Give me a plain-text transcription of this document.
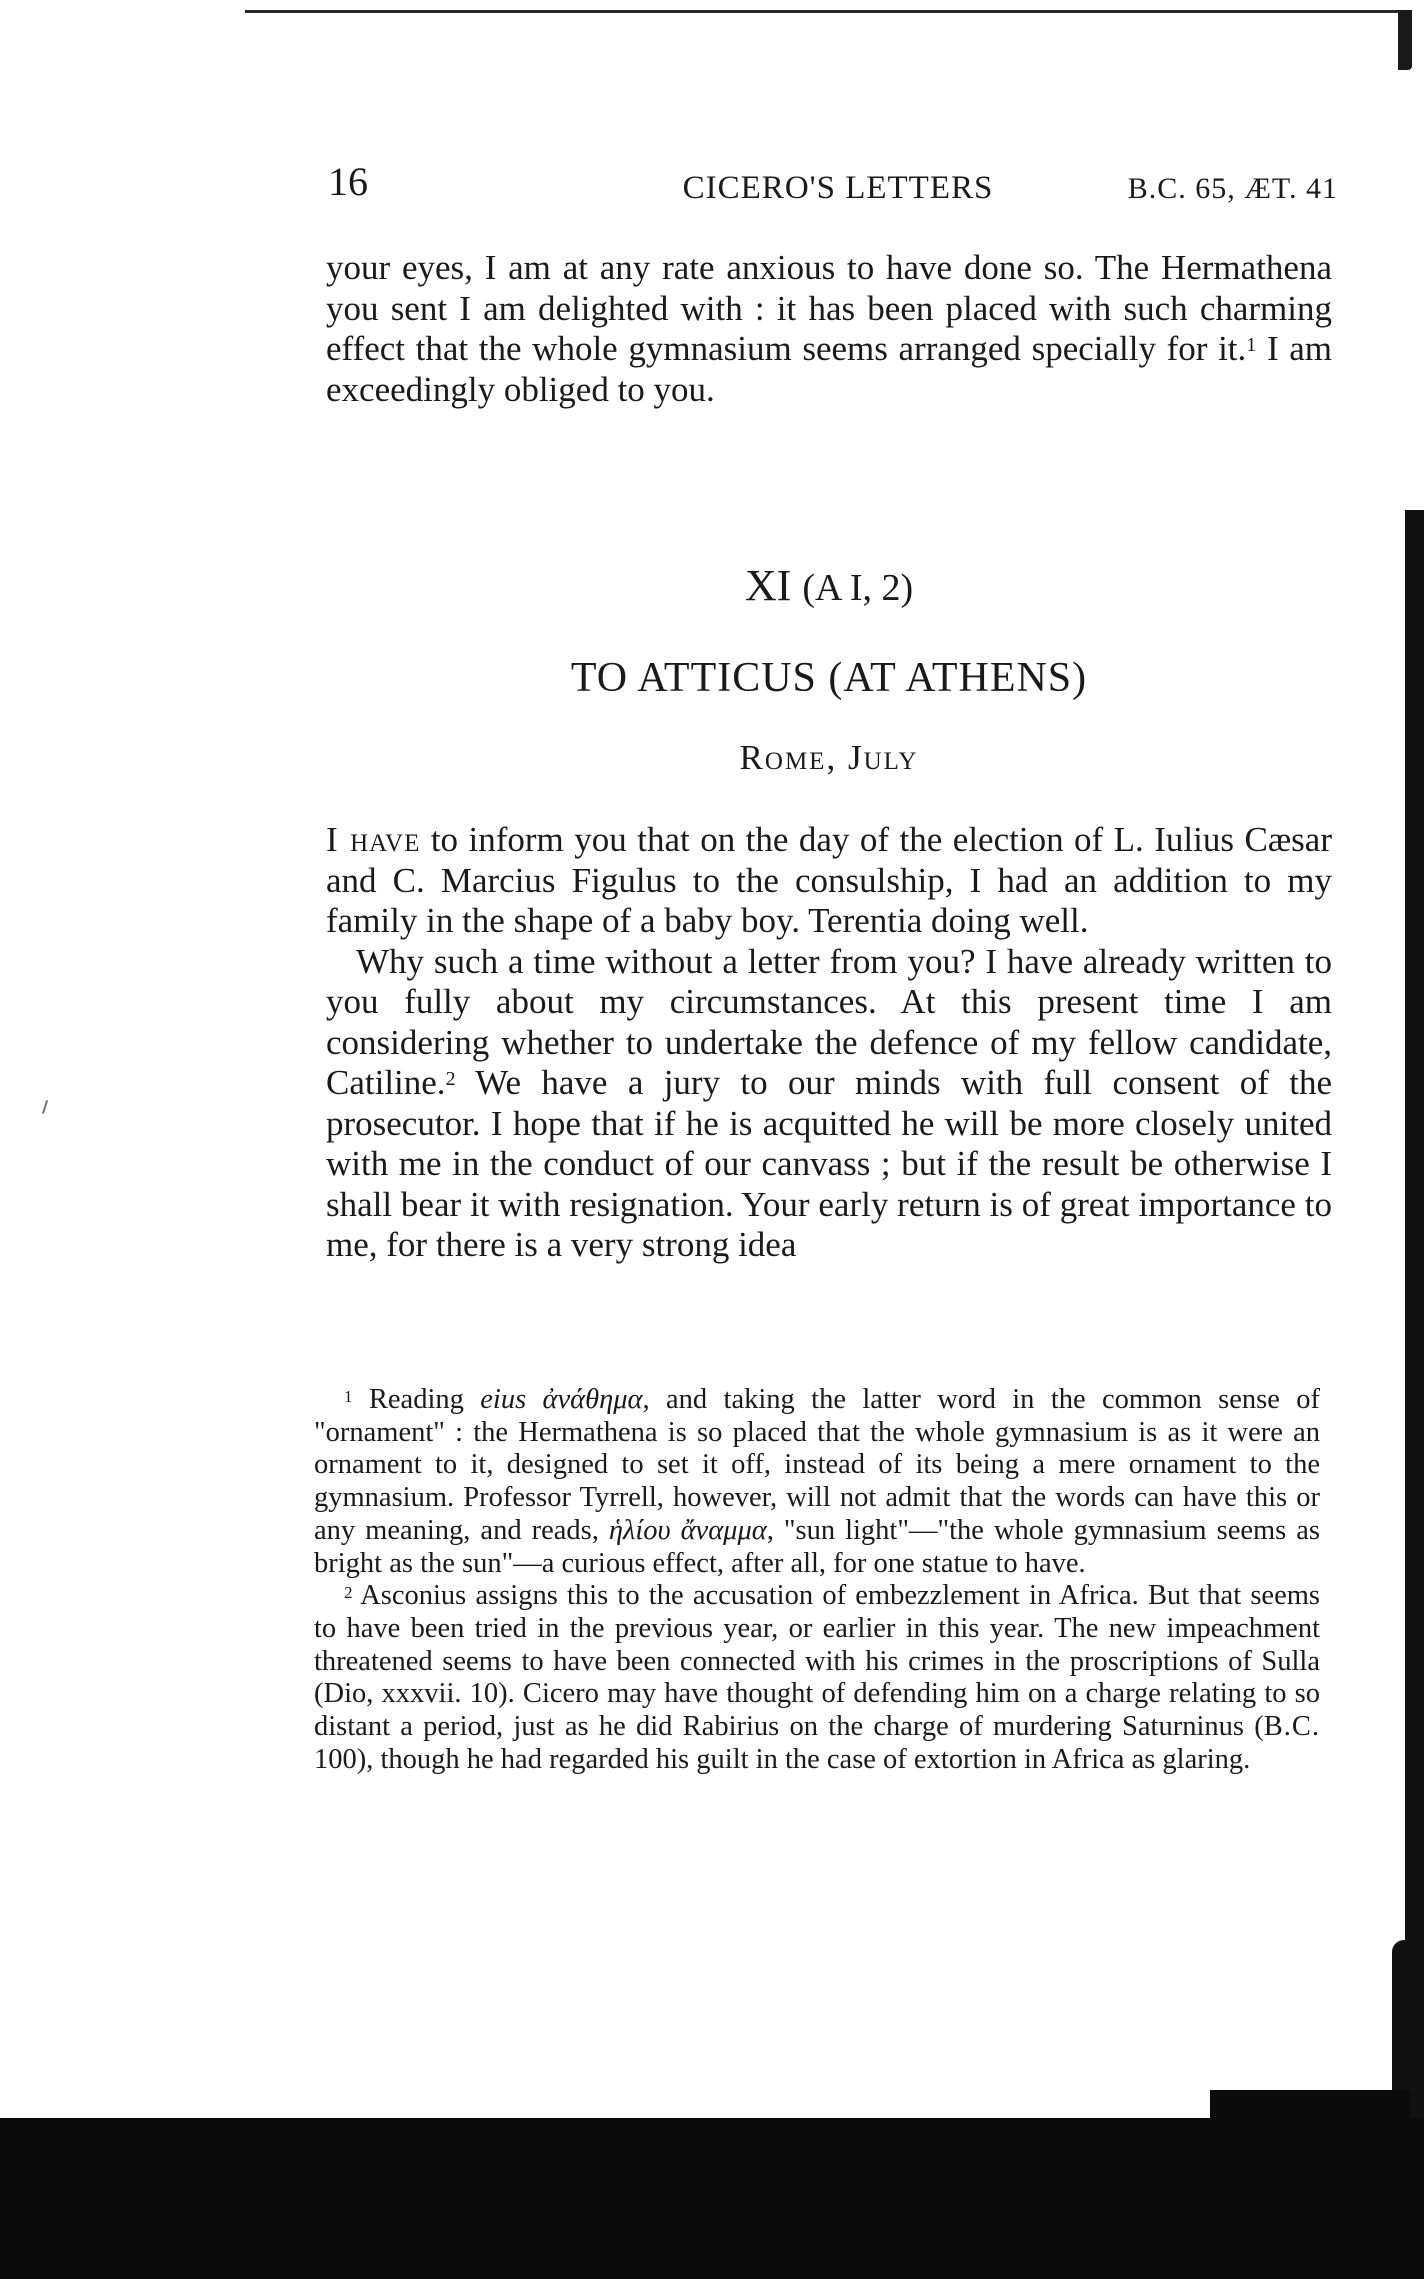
16	CICERO'S LETTERS	B.C. 65, ÆT. 41

your eyes, I am at any rate anxious to have done so. The Hermathena you sent I am delighted with : it has been placed with such charming effect that the whole gymnasium seems arranged specially for it.$^1$ I am exceedingly obliged to you.

XI (A I, 2)
TO ATTICUS (AT ATHENS)
Rome, July

I have to inform you that on the day of the election of L. Iulius Cæsar and C. Marcius Figulus to the consulship, I had an addition to my family in the shape of a baby boy. Terentia doing well.

Why such a time without a letter from you? I have already written to you fully about my circumstances. At this present time I am considering whether to undertake the defence of my fellow candidate, Catiline.$^2$ We have a jury to our minds with full consent of the prosecutor. I hope that if he is acquitted he will be more closely united with me in the conduct of our canvass ; but if the result be otherwise I shall bear it with resignation. Your early return is of great importance to me, for there is a very strong idea

$^1$ Reading eius ἀνάθημα, and taking the latter word in the common sense of "ornament" : the Hermathena is so placed that the whole gymnasium is as it were an ornament to it, designed to set it off, instead of its being a mere ornament to the gymnasium. Professor Tyrrell, however, will not admit that the words can have this or any meaning, and reads, ἡλίου ἄναμμα, "sun light"—"the whole gymnasium seems as bright as the sun"—a curious effect, after all, for one statue to have.

$^2$ Asconius assigns this to the accusation of embezzlement in Africa. But that seems to have been tried in the previous year, or earlier in this year. The new impeachment threatened seems to have been connected with his crimes in the proscriptions of Sulla (Dio, xxxvii. 10). Cicero may have thought of defending him on a charge relating to so distant a period, just as he did Rabirius on the charge of murdering Saturninus (B.C. 100), though he had regarded his guilt in the case of extortion in Africa as glaring.
